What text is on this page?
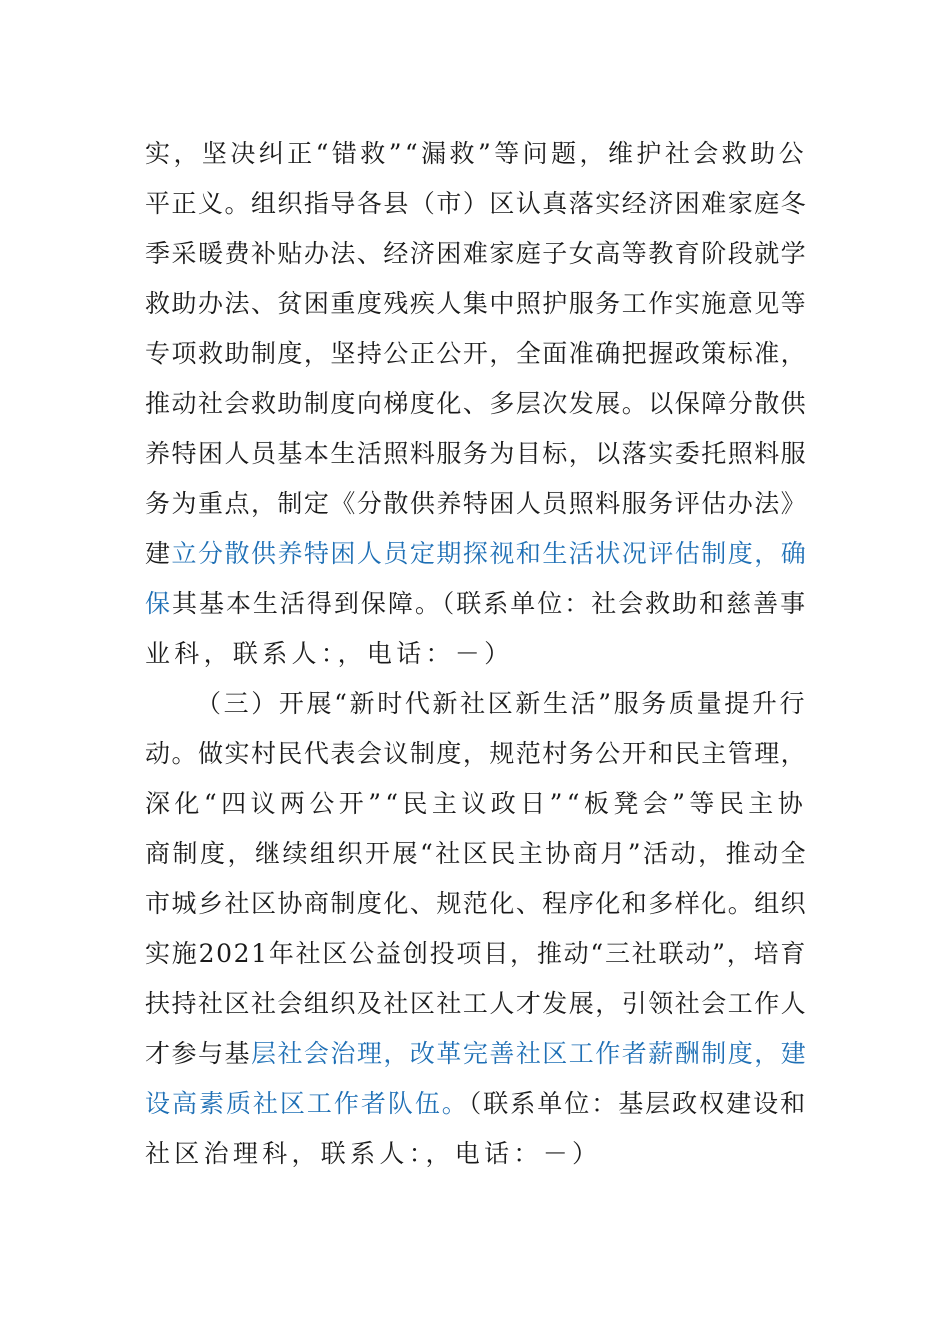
实，坚决纠正“错救”“漏救”等问题，维护社会救助公
平正义。组织指导各县（市）区认真落实经济困难家庭冬
季采暖费补贴办法、经济困难家庭子女高等教育阶段就学
救助办法、贫困重度残疾人集中照护服务工作实施意见等
专项救助制度，坚持公正公开，全面准确把握政策标准，
推动社会救助制度向梯度化、多层次发展。以保障分散供
养特困人员基本生活照料服务为目标，以落实委托照料服
务为重点，制定《分散供养特困人员照料服务评估办法》
建立分散供养特困人员定期探视和生活状况评估制度，确
保其基本生活得到保障。（联系单位：社会救助和慈善事
业科，联系人：，电话：－）
（三）开展“新时代新社区新生活”服务质量提升行
动。做实村民代表会议制度，规范村务公开和民主管理，
深化“四议两公开”“民主议政日”“板凳会”等民主协
商制度，继续组织开展“社区民主协商月”活动，推动全
市城乡社区协商制度化、规范化、程序化和多样化。组织
实施2021年社区公益创投项目，推动“三社联动”，培育
扶持社区社会组织及社区社工人才发展，引领社会工作人
才参与基层社会治理，改革完善社区工作者薪酬制度，建
设高素质社区工作者队伍。（联系单位：基层政权建设和
社区治理科，联系人：，电话：－）
